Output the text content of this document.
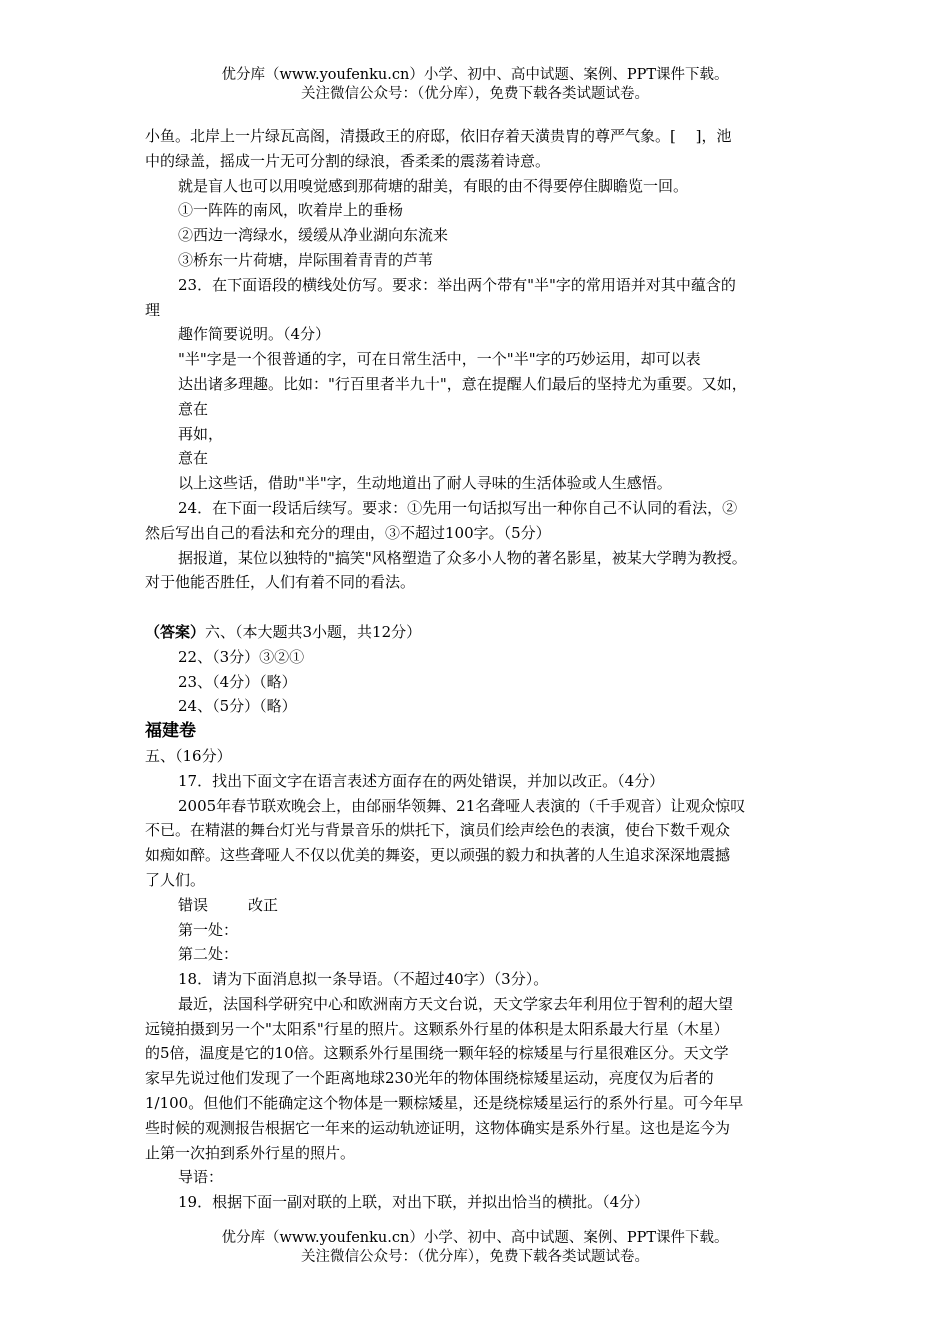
优分库（www.youfenku.cn）小学、初中、高中试题、案例、PPT课件下载。
关注微信公众号：（优分库），免费下载各类试题试卷。
小鱼。北岸上一片绿瓦高阁，清摄政王的府邸，依旧存着天潢贵胄的尊严气象。[　 ]，池
中的绿盖，摇成一片无可分割的绿浪，香柔柔的震荡着诗意。
就是盲人也可以用嗅觉感到那荷塘的甜美，有眼的由不得要停住脚瞻览一回。
①一阵阵的南风，吹着岸上的垂杨
②西边一湾绿水，缓缓从净业湖向东流来
③桥东一片荷塘，岸际围着青青的芦苇
23．在下面语段的横线处仿写。要求：举出两个带有"半"字的常用语并对其中蕴含的
理
趣作简要说明。（4分）
"半"字是一个很普通的字，可在日常生活中，一个"半"字的巧妙运用，却可以表
达出诸多理趣。比如："行百里者半九十"，意在提醒人们最后的坚持尤为重要。又如，
意在
再如，
意在
以上这些话，借助"半"字，生动地道出了耐人寻味的生活体验或人生感悟。
24．在下面一段话后续写。要求：①先用一句话拟写出一种你自己不认同的看法，②
然后写出自己的看法和充分的理由，③不超过100字。（5分）
据报道，某位以独特的"搞笑"风格塑造了众多小人物的著名影星，被某大学聘为教授。
对于他能否胜任，人们有着不同的看法。
（答案）六、（本大题共3小题，共12分）
22、（3分）③②①
23、（4分）（略）
24、（5分）（略）
福建卷
五、（16分）
17．找出下面文字在语言表述方面存在的两处错误，并加以改正。（4分）
2005年春节联欢晚会上，由邰丽华领舞、21名聋哑人表演的（千手观音）让观众惊叹
不已。在精湛的舞台灯光与背景音乐的烘托下，演员们绘声绘色的表演，使台下数千观众
如痴如醉。这些聋哑人不仅以优美的舞姿，更以顽强的毅力和执著的人生追求深深地震撼
了人们。
错误	改正
第一处：
第二处：
18．请为下面消息拟一条导语。（不超过40字）（3分）。
最近，法国科学研究中心和欧洲南方天文台说，天文学家去年利用位于智利的超大望
远镜拍摄到另一个"太阳系"行星的照片。这颗系外行星的体积是太阳系最大行星（木星）
的5倍，温度是它的10倍。这颗系外行星围绕一颗年轻的棕矮星与行星很难区分。天文学
家早先说过他们发现了一个距离地球230光年的物体围绕棕矮星运动，亮度仅为后者的
1/100。但他们不能确定这个物体是一颗棕矮星，还是绕棕矮星运行的系外行星。可今年早
些时候的观测报告根据它一年来的运动轨迹证明，这物体确实是系外行星。这也是迄今为
止第一次拍到系外行星的照片。
导语：
19．根据下面一副对联的上联，对出下联，并拟出恰当的横批。（4分）
优分库（www.youfenku.cn）小学、初中、高中试题、案例、PPT课件下载。
关注微信公众号：（优分库），免费下载各类试题试卷。
